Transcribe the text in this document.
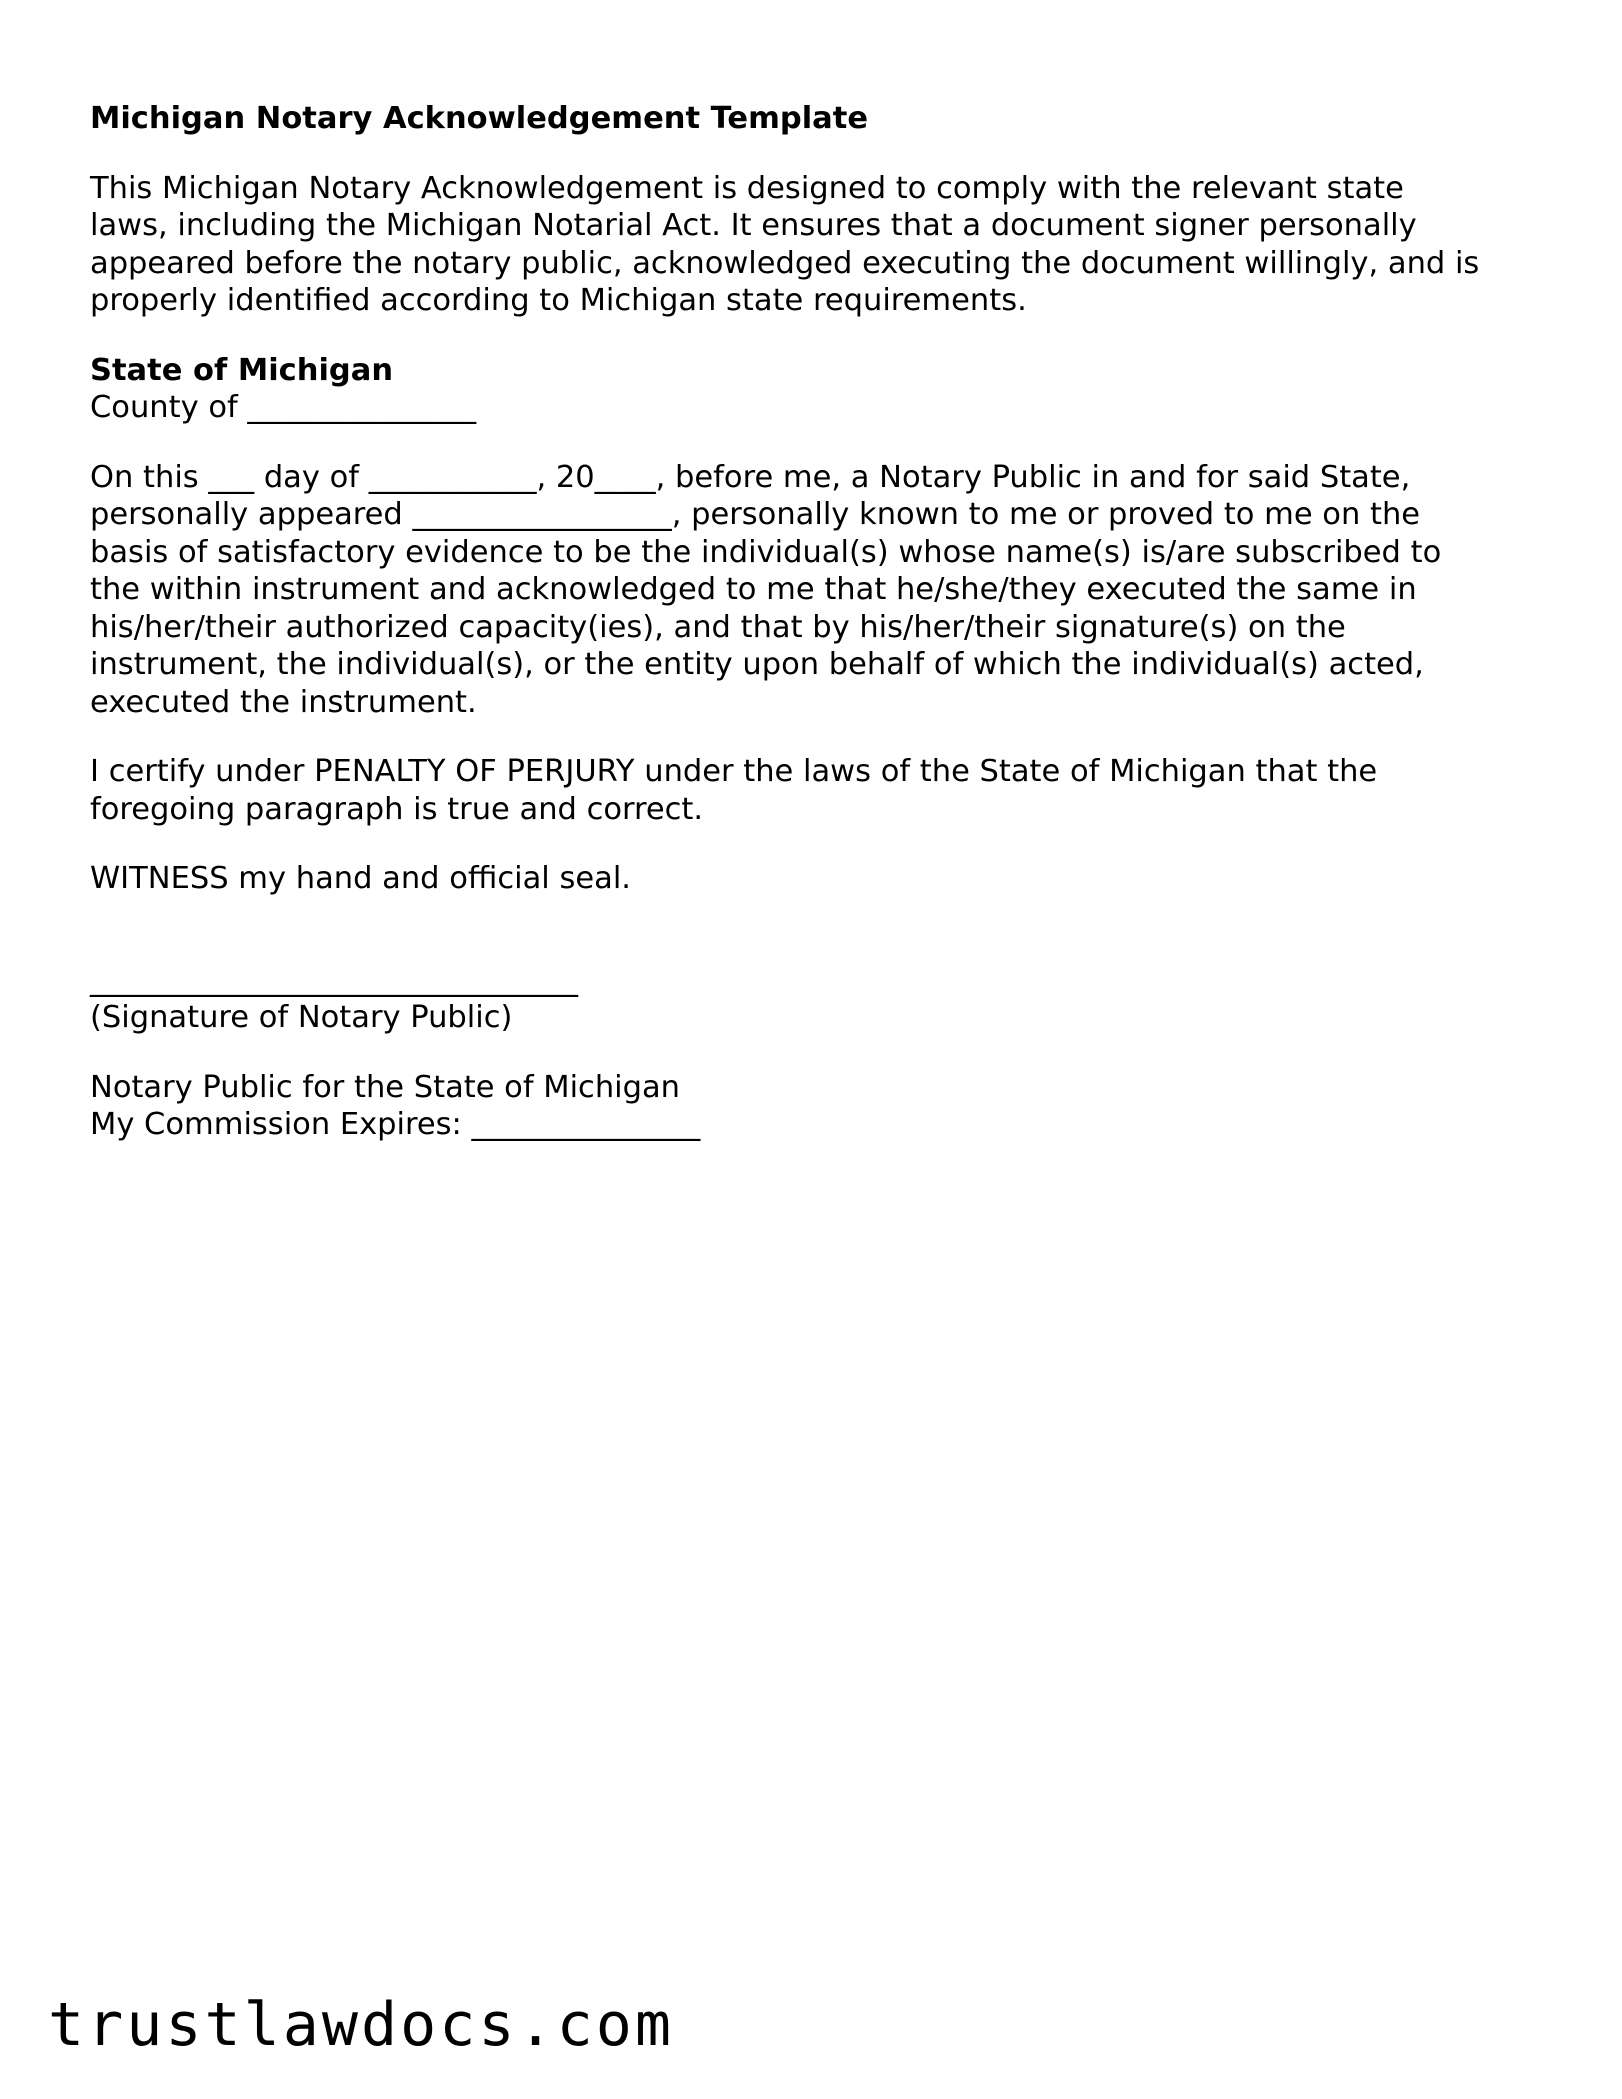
Michigan Notary Acknowledgement Template
This Michigan Notary Acknowledgement is designed to comply with the relevant state
laws, including the Michigan Notarial Act. It ensures that a document signer personally
appeared before the notary public, acknowledged executing the document willingly, and is
properly identified according to Michigan state requirements.
State of Michigan
County of _______________
On this ___ day of ___________, 20____, before me, a Notary Public in and for said State,
personally appeared _________________, personally known to me or proved to me on the
basis of satisfactory evidence to be the individual(s) whose name(s) is/are subscribed to
the within instrument and acknowledged to me that he/she/they executed the same in
his/her/their authorized capacity(ies), and that by his/her/their signature(s) on the
instrument, the individual(s), or the entity upon behalf of which the individual(s) acted,
executed the instrument.
I certify under PENALTY OF PERJURY under the laws of the State of Michigan that the
foregoing paragraph is true and correct.
WITNESS my hand and official seal.
________________________________
(Signature of Notary Public)
Notary Public for the State of Michigan
My Commission Expires: _______________
trustlawdocs.com
